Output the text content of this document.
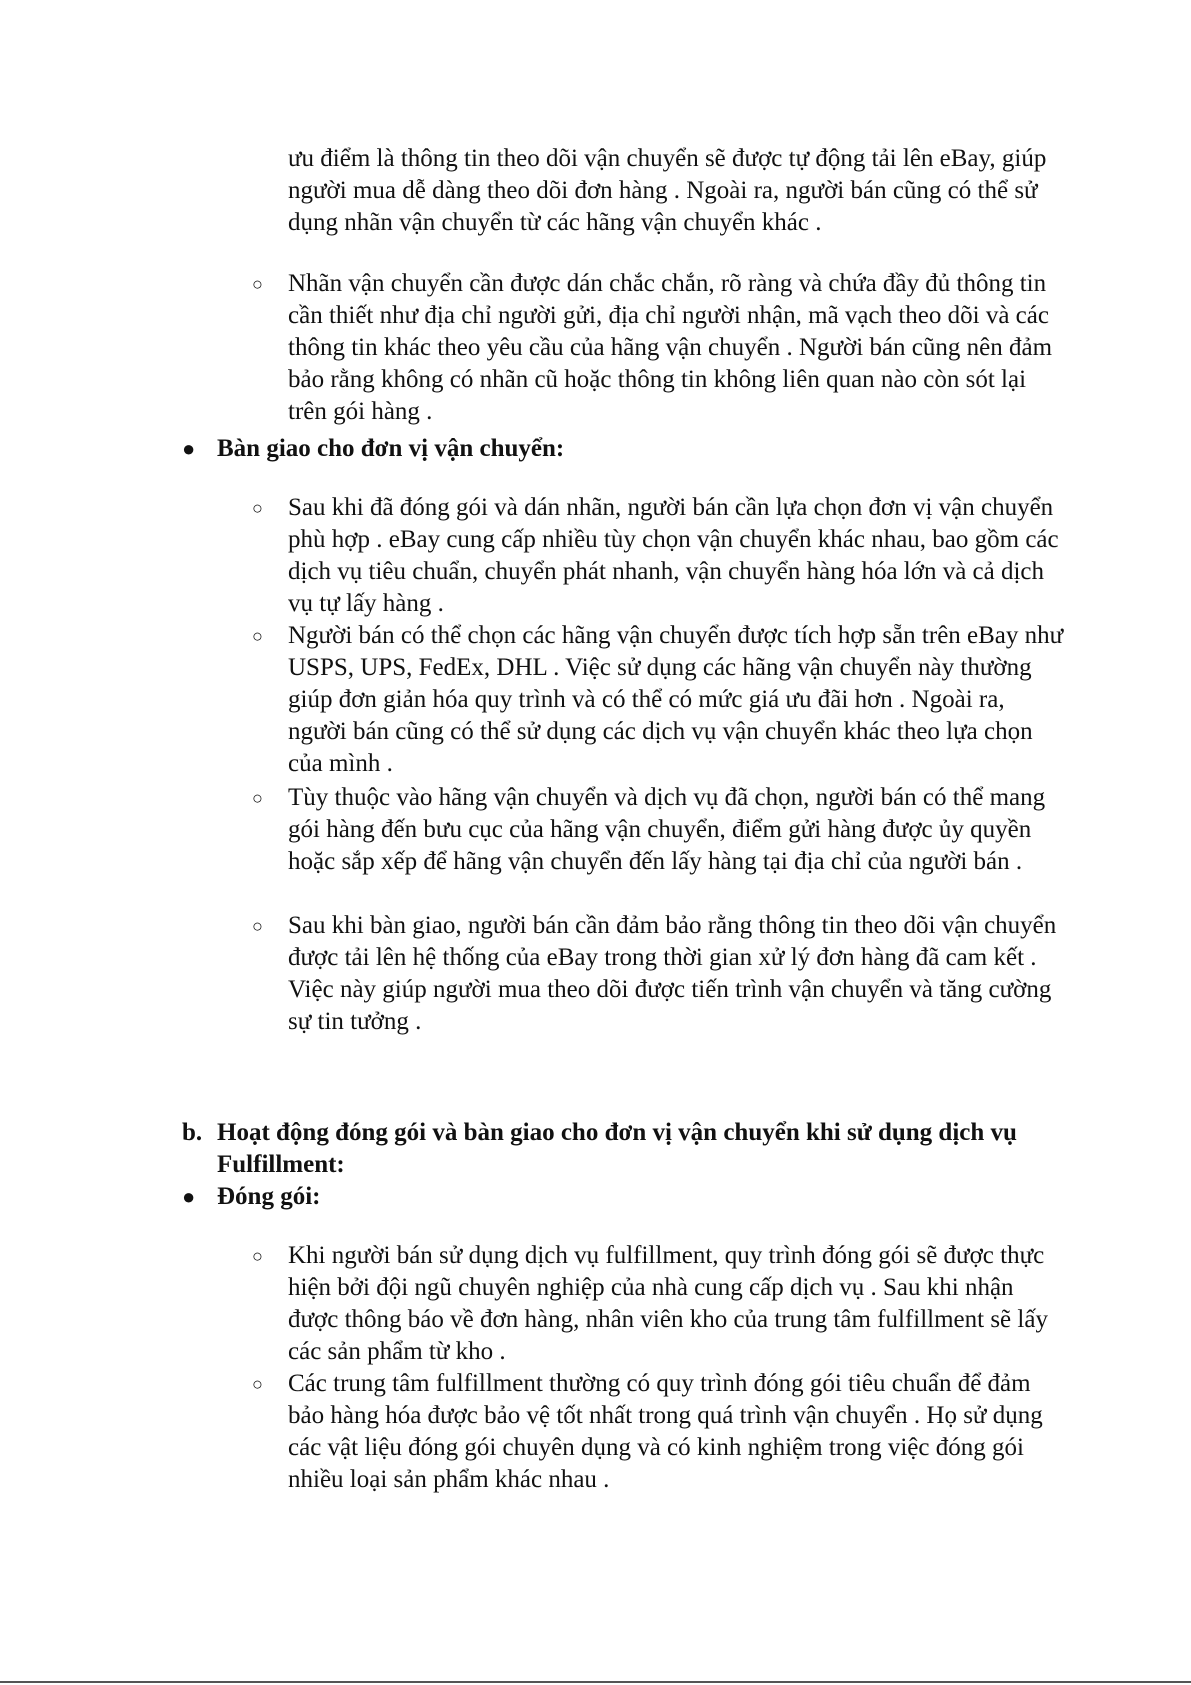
ưu điểm là thông tin theo dõi vận chuyển sẽ được tự động tải lên eBay, giúp người mua dễ dàng theo dõi đơn hàng . Ngoài ra, người bán cũng có thể sử dụng nhãn vận chuyển từ các hãng vận chuyển khác .
○	Nhãn vận chuyển cần được dán chắc chắn, rõ ràng và chứa đầy đủ thông tin cần thiết như địa chỉ người gửi, địa chỉ người nhận, mã vạch theo dõi và các thông tin khác theo yêu cầu của hãng vận chuyển . Người bán cũng nên đảm bảo rằng không có nhãn cũ hoặc thông tin không liên quan nào còn sót lại trên gói hàng .
● Bàn giao cho đơn vị vận chuyển:
○	Sau khi đã đóng gói và dán nhãn, người bán cần lựa chọn đơn vị vận chuyển phù hợp . eBay cung cấp nhiều tùy chọn vận chuyển khác nhau, bao gồm các dịch vụ tiêu chuẩn, chuyển phát nhanh, vận chuyển hàng hóa lớn và cả dịch vụ tự lấy hàng .
○	Người bán có thể chọn các hãng vận chuyển được tích hợp sẵn trên eBay như USPS, UPS, FedEx, DHL . Việc sử dụng các hãng vận chuyển này thường giúp đơn giản hóa quy trình và có thể có mức giá ưu đãi hơn . Ngoài ra, người bán cũng có thể sử dụng các dịch vụ vận chuyển khác theo lựa chọn của mình .
○	Tùy thuộc vào hãng vận chuyển và dịch vụ đã chọn, người bán có thể mang gói hàng đến bưu cục của hãng vận chuyển, điểm gửi hàng được ủy quyền hoặc sắp xếp để hãng vận chuyển đến lấy hàng tại địa chỉ của người bán .
○	Sau khi bàn giao, người bán cần đảm bảo rằng thông tin theo dõi vận chuyển được tải lên hệ thống của eBay trong thời gian xử lý đơn hàng đã cam kết . Việc này giúp người mua theo dõi được tiến trình vận chuyển và tăng cường sự tin tưởng .
b. Hoạt động đóng gói và bàn giao cho đơn vị vận chuyển khi sử dụng dịch vụ Fulfillment:
● Đóng gói:
○	Khi người bán sử dụng dịch vụ fulfillment, quy trình đóng gói sẽ được thực hiện bởi đội ngũ chuyên nghiệp của nhà cung cấp dịch vụ . Sau khi nhận được thông báo về đơn hàng, nhân viên kho của trung tâm fulfillment sẽ lấy các sản phẩm từ kho .
○	Các trung tâm fulfillment thường có quy trình đóng gói tiêu chuẩn để đảm bảo hàng hóa được bảo vệ tốt nhất trong quá trình vận chuyển . Họ sử dụng các vật liệu đóng gói chuyên dụng và có kinh nghiệm trong việc đóng gói nhiều loại sản phẩm khác nhau .
